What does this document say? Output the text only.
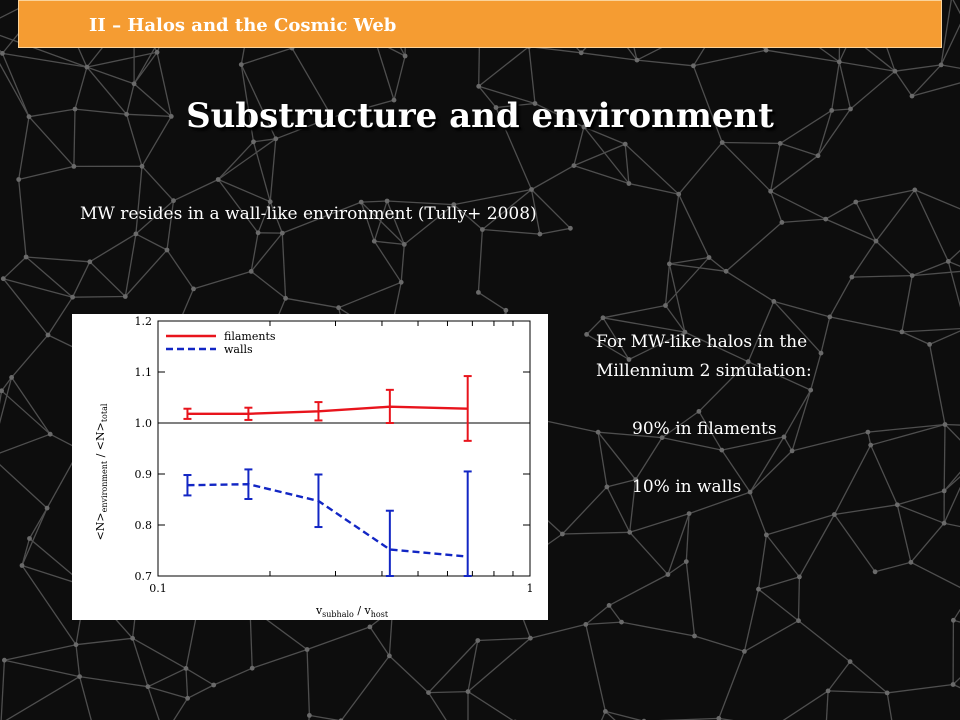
II – Halos and the Cosmic Web
Substructure and environment
MW resides in a wall-like environment (Tully+ 2008)
0.7
0.8
0.9
1.0
1.1
1.2
0.1	1
filaments
walls
$v_{subhalo} / v_{host}$
$<N>_{environment} / <N>_{total}$
For MW-like halos in the
Millennium 2 simulation:
90% in filaments
10% in walls
